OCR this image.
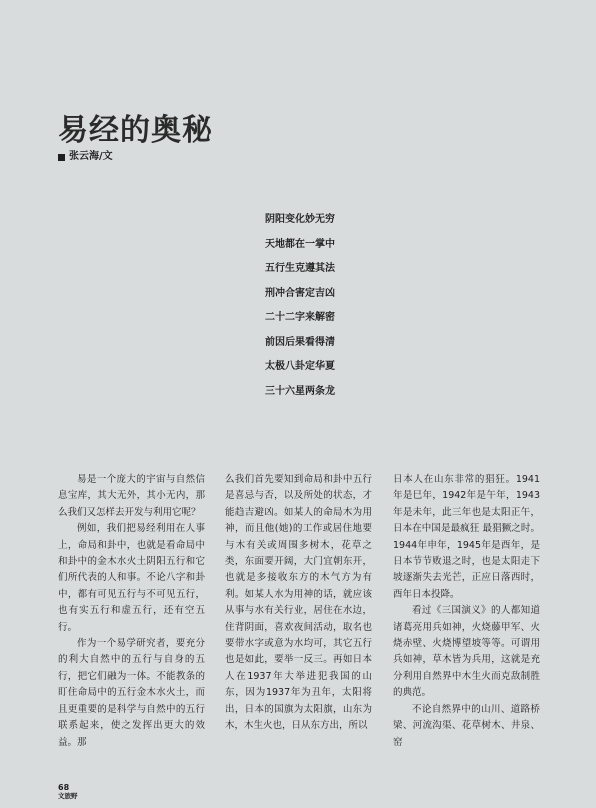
易经的奥秘
张云海/文
阴阳变化妙无穷
天地都在一掌中
五行生克遵其法
刑冲合害定吉凶
二十二字来解密
前因后果看得清
太极八卦定华夏
三十六星两条龙

易是一个庞大的宇宙与自然信息宝库，其大无外，其小无内，那么我们又怎样去开发与利用它呢？

例如，我们把易经利用在人事上，命局和卦中，也就是看命局中和卦中的金木水火土阴阳五行和它们所代表的人和事。不论八字和卦中，都有可见五行与不可见五行，也有实五行和虚五行，还有空五行。

作为一个易学研究者，要充分的利大自然中的五行与自身的五行，把它们融为一体。不能教条的盯住命局中的五行金木水火土，而且更重要的是科学与自然中的五行联系起来，使之发挥出更大的效益。那

么我们首先要知到命局和卦中五行是喜忌与否，以及所处的状态，才能趋吉避凶。如某人的命局木为用神，而且他(她)的工作或居住地要与木有关或周围多树木，花草之类，东面要开阔，大门宜朝东开，也就是多接收东方的木气方为有利。如某人水为用神的话，就应该从事与水有关行业，居住在水边，住背阴面，喜欢夜间活动，取名也要带水字或意为水均可，其它五行也是如此，要举一反三。再如日本人在1937年大举进犯我国的山东，因为1937年为丑年，太阳将出，日本的国旗为太阳旗，山东为木，木生火也，日从东方出，所以

日本人在山东非常的猖狂。1941年是巳年，1942年是午年，1943年是未年，此三年也是太阳正午，日本在中国是最疯狂 最猖獗之时。1944年申年，1945年是酉年，是日本节节败退之时，也是太阳走下坡逐渐失去光芒，正应日落西时，酉年日本投降。

看过《三国演义》的人都知道诸葛亮用兵如神，火烧藤甲军、火烧赤壁、火烧博望坡等等。可谓用兵如神，草木皆为兵用，这就是充分利用自然界中木生火而克敌制胜的典范。

不论自然界中的山川、道路桥梁、河流沟渠、花草树木、井泉、窑

68
文旅野
